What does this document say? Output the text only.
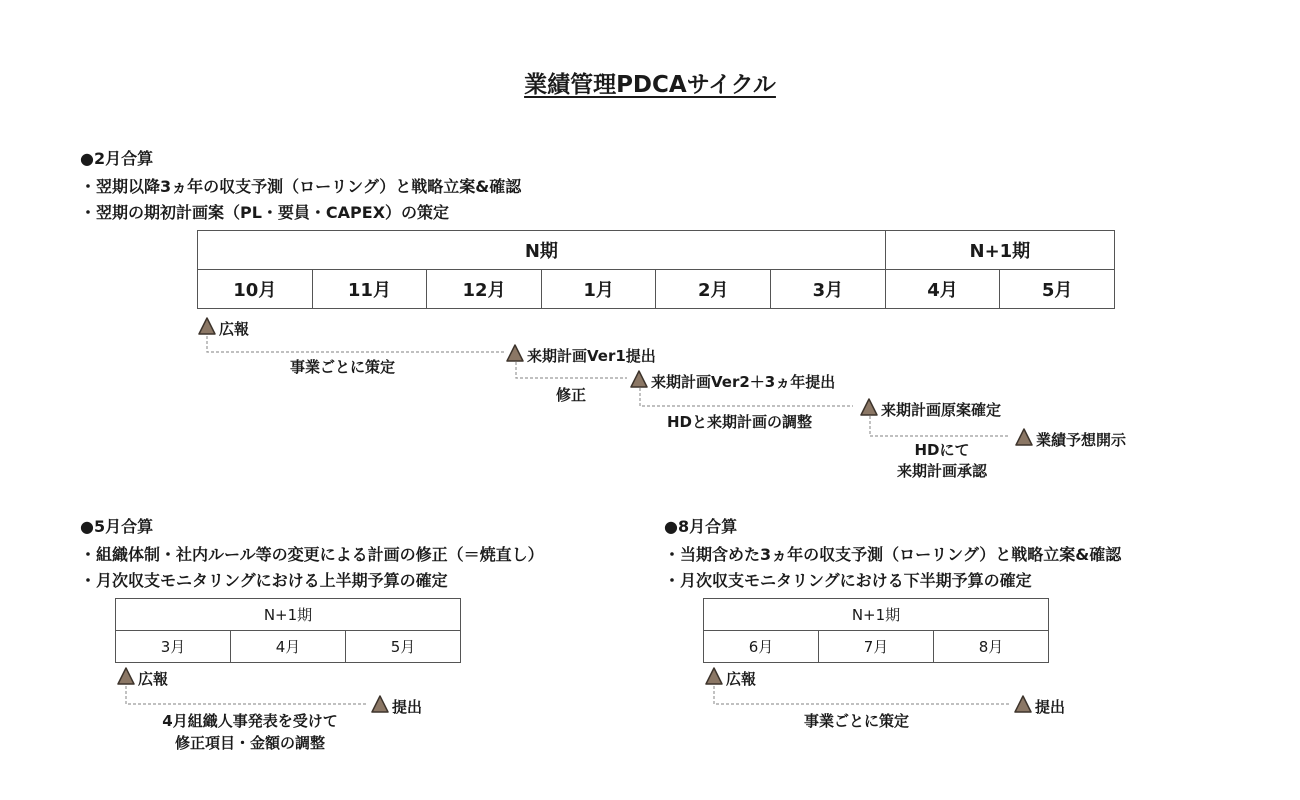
業績管理PDCAサイクル
●2月合算
・翌期以降3ヵ年の収支予測（ローリング）と戦略立案&確認
・翌期の期初計画案（PL・要員・CAPEX）の策定
N期						N+1期	
10月	11月	12月	1月	2月	3月	4月	5月
●5月合算
・組織体制・社内ルール等の変更による計画の修正（＝焼直し）
・月次収支モニタリングにおける上半期予算の確定
N+1期
3月	4月	5月
●8月合算
・当期含めた3ヵ年の収支予測（ローリング）と戦略立案&確認
・月次収支モニタリングにおける下半期予算の確定
N+1期
6月	7月	8月
広報
来期計画Ver1提出
来期計画Ver2＋3ヵ年提出
来期計画原案確定
業績予想開示
事業ごとに策定
修正
HDと来期計画の調整
HDにて
来期計画承認
広報
提出
4月組織人事発表を受けて
修正項目・金額の調整
広報
提出
事業ごとに策定
